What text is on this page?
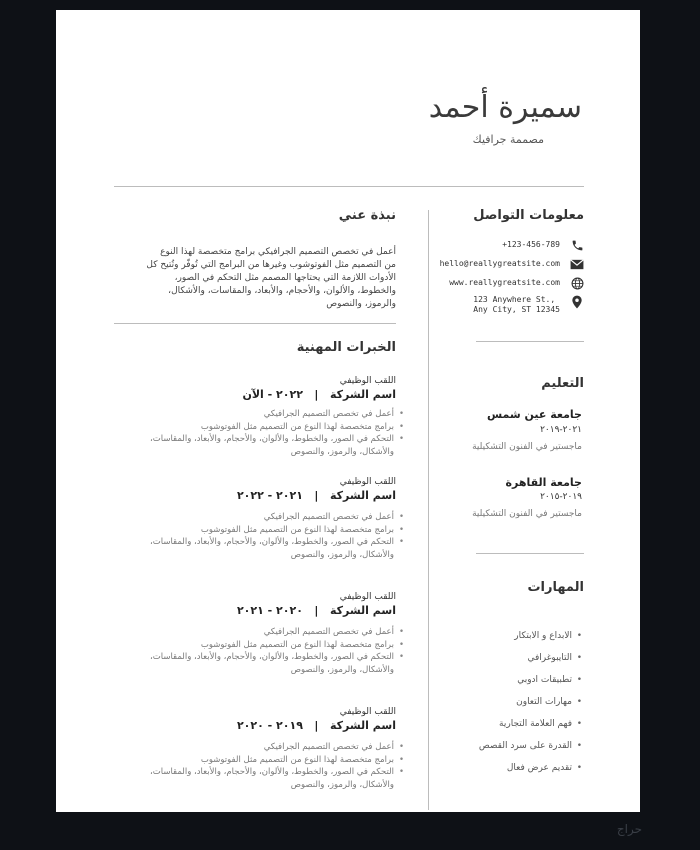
سميرة أحمد
مصممة جرافيك
معلومات التواصل
+123-456-789
hello@reallygreatsite.com
www.reallygreatsite.com
123 Anywhere St.,
Any City, ST 12345
التعليم
جامعة عين شمس
٢٠٢١-٢٠١٩
ماجستير في الفنون التشكيلية
جامعة القاهرة
٢٠١٩-٢٠١٥
ماجستير في الفنون التشكيلية
المهارات
• الابداع و الابتكار
• التايبوغرافي
• تطبيقات ادوبي
• مهارات التعاون
• فهم العلامة التجارية
• القدرة على سرد القصص
• تقديم عرض فعال
نبذة عني
أعمل في تخصص التصميم الجرافيكي برامج متخصصة لهذا النوع من التصميم مثل الفوتوشوب وغيرها من البرامج التي تُوفّر وتُتيح كل الأدوات اللازمة التي يحتاجها المصمم مثل التحكم في الصور، والخطوط، والألوان، والأحجام، والأبعاد، والمقاسات، والأشكال، والرموز، والنصوص
الخبرات المهنية
اللقب الوظيفي
اسم الشركة   |   ٢٠٢٢ - الآن
• أعمل في تخصص التصميم الجرافيكي
• برامج متخصصة لهذا النوع من التصميم مثل الفوتوشوب
• التحكم في الصور، والخطوط، والألوان، والأحجام، والأبعاد، والمقاسات، والأشكال، والرموز، والنصوص
اللقب الوظيفي
اسم الشركة   |   ٢٠٢١ - ٢٠٢٢
• أعمل في تخصص التصميم الجرافيكي
• برامج متخصصة لهذا النوع من التصميم مثل الفوتوشوب
• التحكم في الصور، والخطوط، والألوان، والأحجام، والأبعاد، والمقاسات، والأشكال، والرموز، والنصوص
اللقب الوظيفي
اسم الشركة   |   ٢٠٢٠ - ٢٠٢١
• أعمل في تخصص التصميم الجرافيكي
• برامج متخصصة لهذا النوع من التصميم مثل الفوتوشوب
• التحكم في الصور، والخطوط، والألوان، والأحجام، والأبعاد، والمقاسات، والأشكال، والرموز، والنصوص
اللقب الوظيفي
اسم الشركة   |   ٢٠١٩ - ٢٠٢٠
• أعمل في تخصص التصميم الجرافيكي
• برامج متخصصة لهذا النوع من التصميم مثل الفوتوشوب
• التحكم في الصور، والخطوط، والألوان، والأحجام، والأبعاد، والمقاسات، والأشكال، والرموز، والنصوص
حراج
